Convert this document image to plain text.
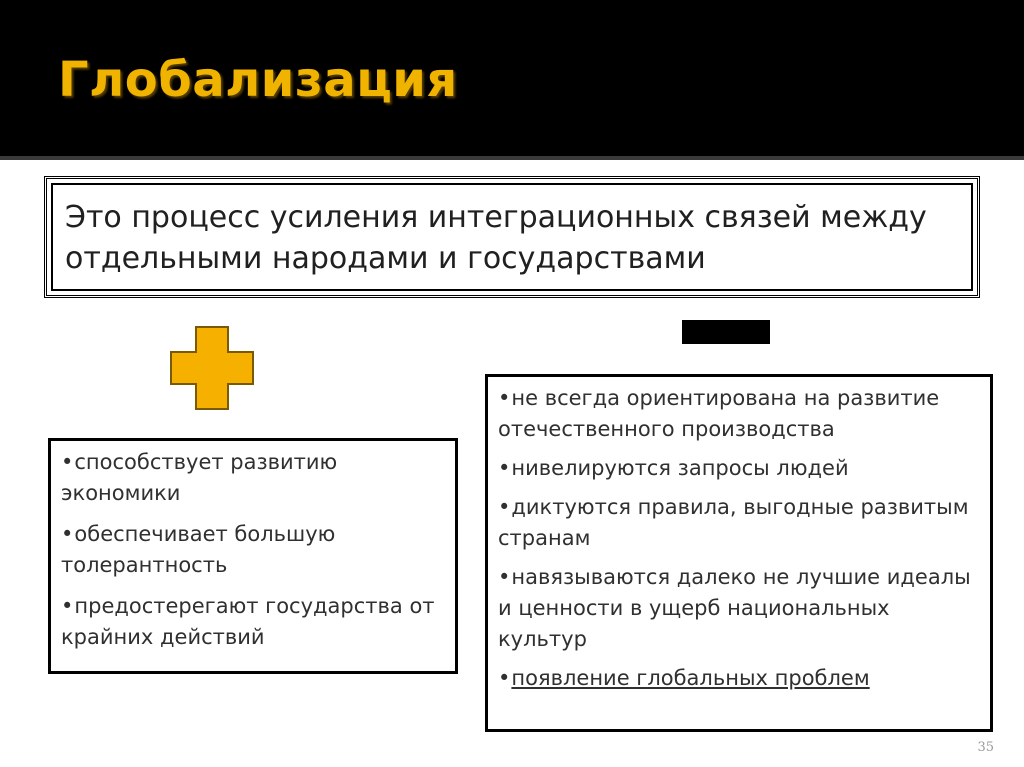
Глобализация

Это процесс усиления интеграционных связей между отдельными народами и государствами

•способствует развитию экономики
•обеспечивает большую толерантность
•предостерегают государства от крайних действий
•не всегда ориентирована на развитие отечественного производства
•нивелируются запросы людей
•диктуются правила, выгодные развитым странам
•навязываются далеко не лучшие идеалы и ценности в ущерб национальных культур
•появление глобальных проблем
35
